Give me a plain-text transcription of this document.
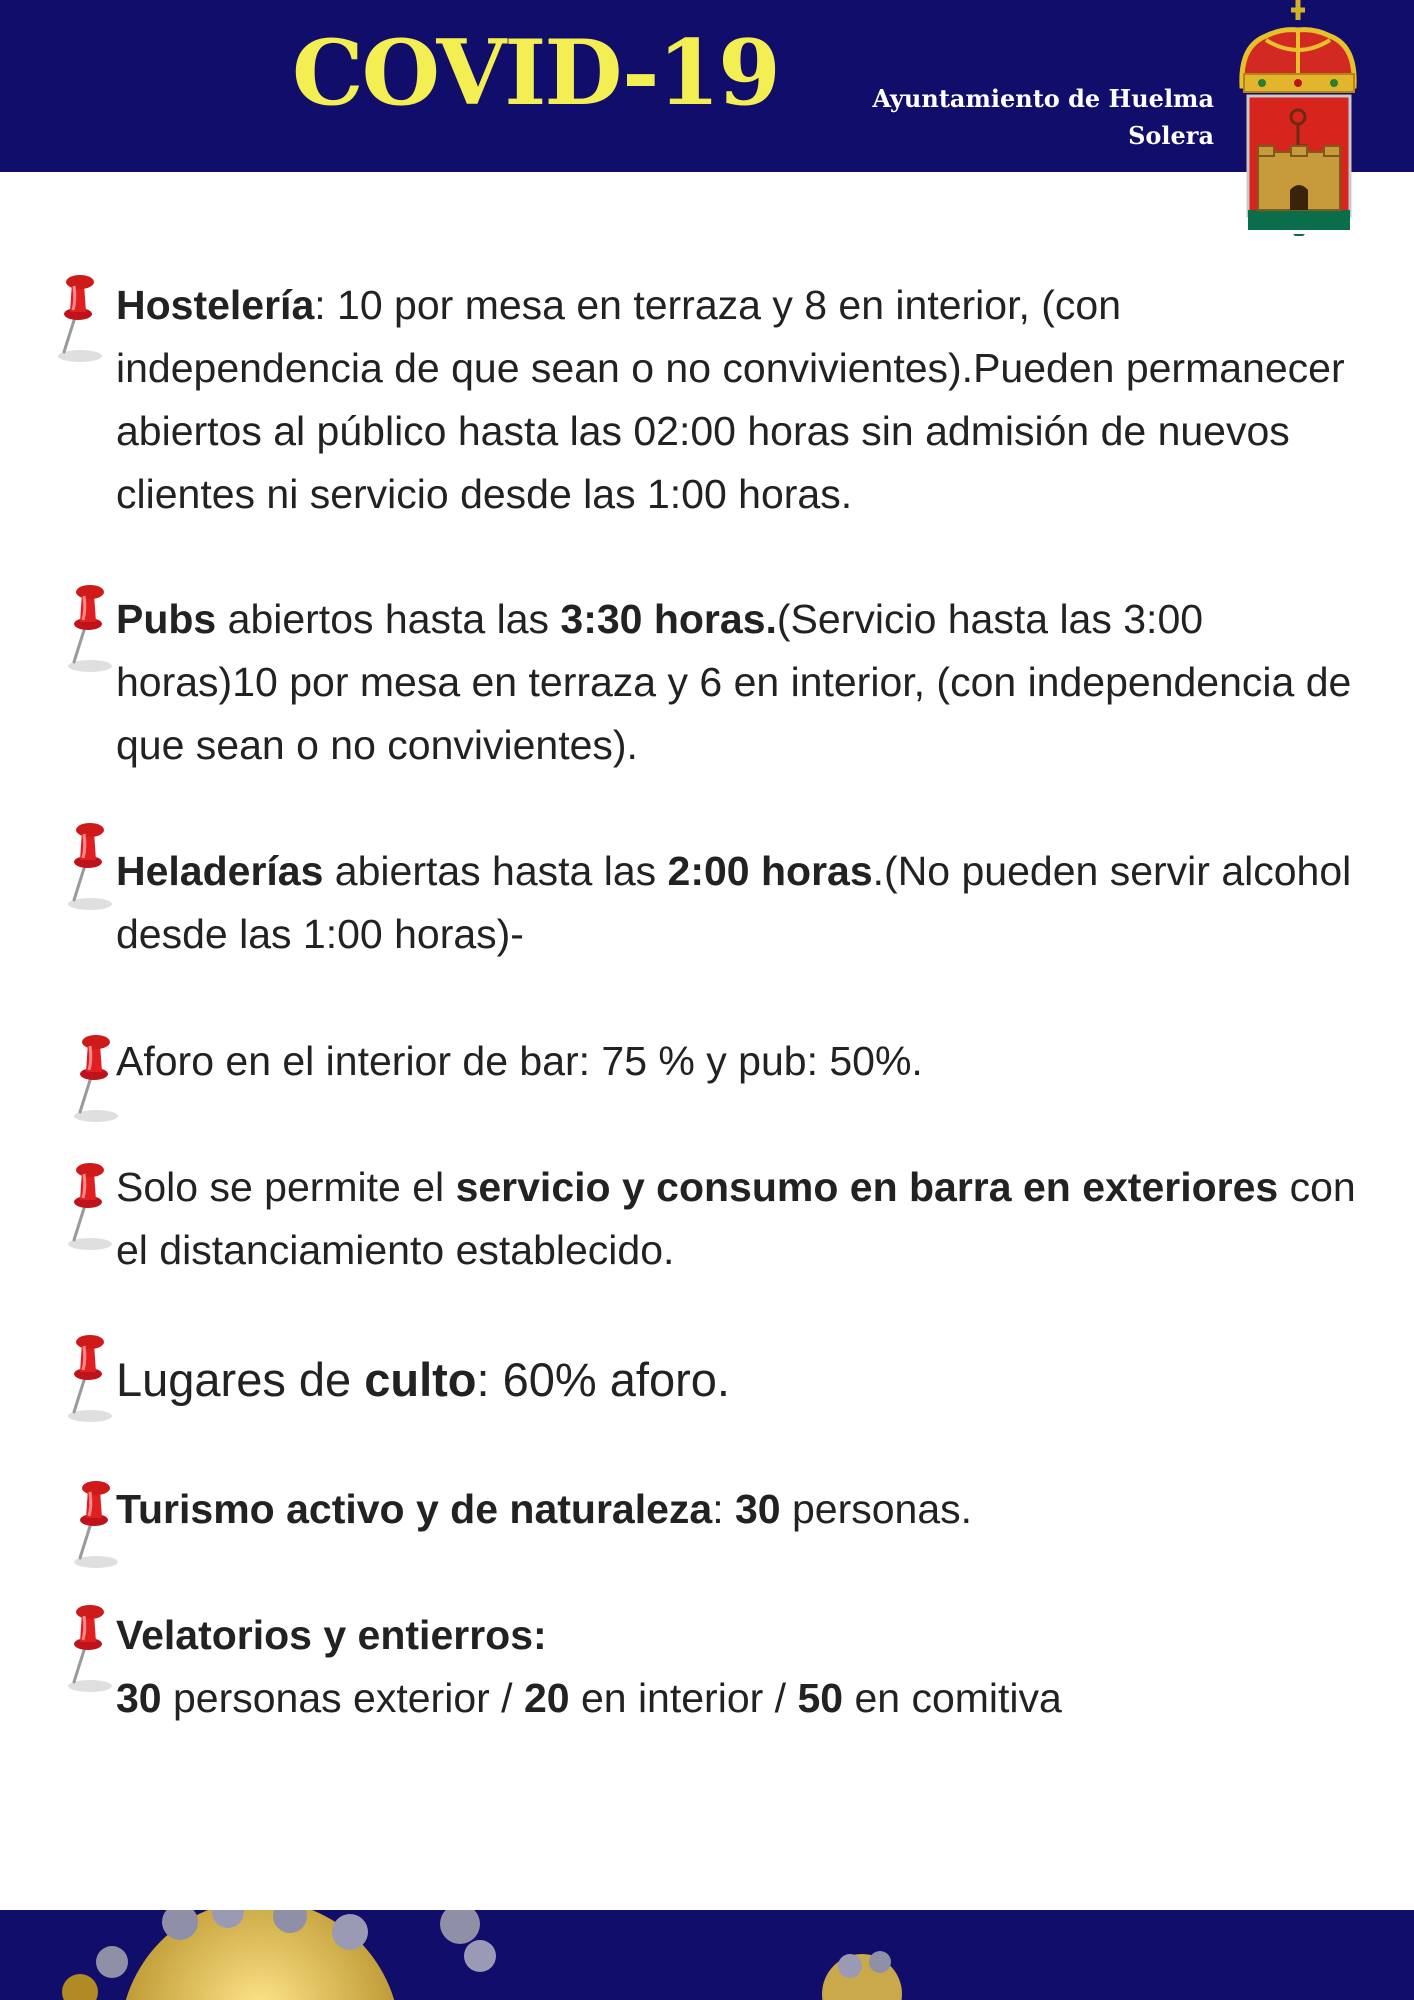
COVID-19	Ayuntamiento de Huelma
Solera

Hostelería: 10 por mesa en terraza y 8 en interior, (con independencia de que sean o no convivientes).Pueden permanecer abiertos al público hasta las 02:00 horas sin admisión de nuevos clientes ni servicio desde las 1:00 horas.

Pubs abiertos hasta las 3:30 horas.(Servicio hasta las 3:00 horas)10 por mesa en terraza y 6 en interior, (con independencia de que sean o no convivientes).

Heladerías abiertas hasta las 2:00 horas.(No pueden servir alcohol desde las 1:00 horas)-

Aforo en el interior de bar: 75 % y pub: 50%.

Solo se permite el servicio y consumo en barra en exteriores con el distanciamiento establecido.

Lugares de culto: 60% aforo.

Turismo activo y de naturaleza: 30 personas.

Velatorios y entierros:

30 personas exterior / 20 en interior / 50 en comitiva
